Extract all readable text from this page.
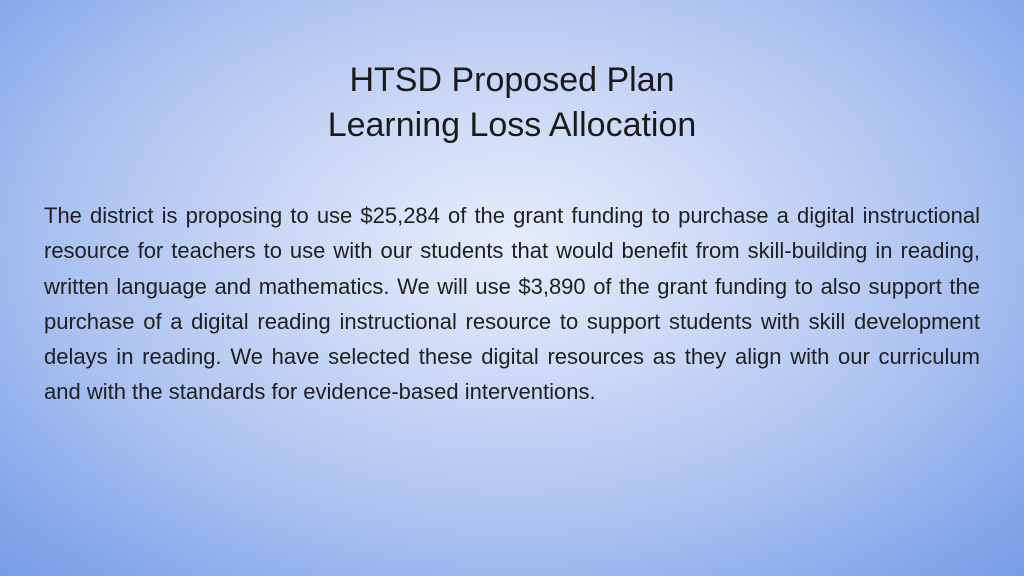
HTSD Proposed Plan
Learning Loss Allocation

The district is proposing to use $25,284 of the grant funding to purchase a digital instructional resource for teachers to use with our students that would benefit from skill-building in reading, written language and mathematics. We will use $3,890 of the grant funding to also support the purchase of a digital reading instructional resource to support students with skill development delays in reading. We have selected these digital resources as they align with our curriculum and with the standards for evidence-based interventions.
